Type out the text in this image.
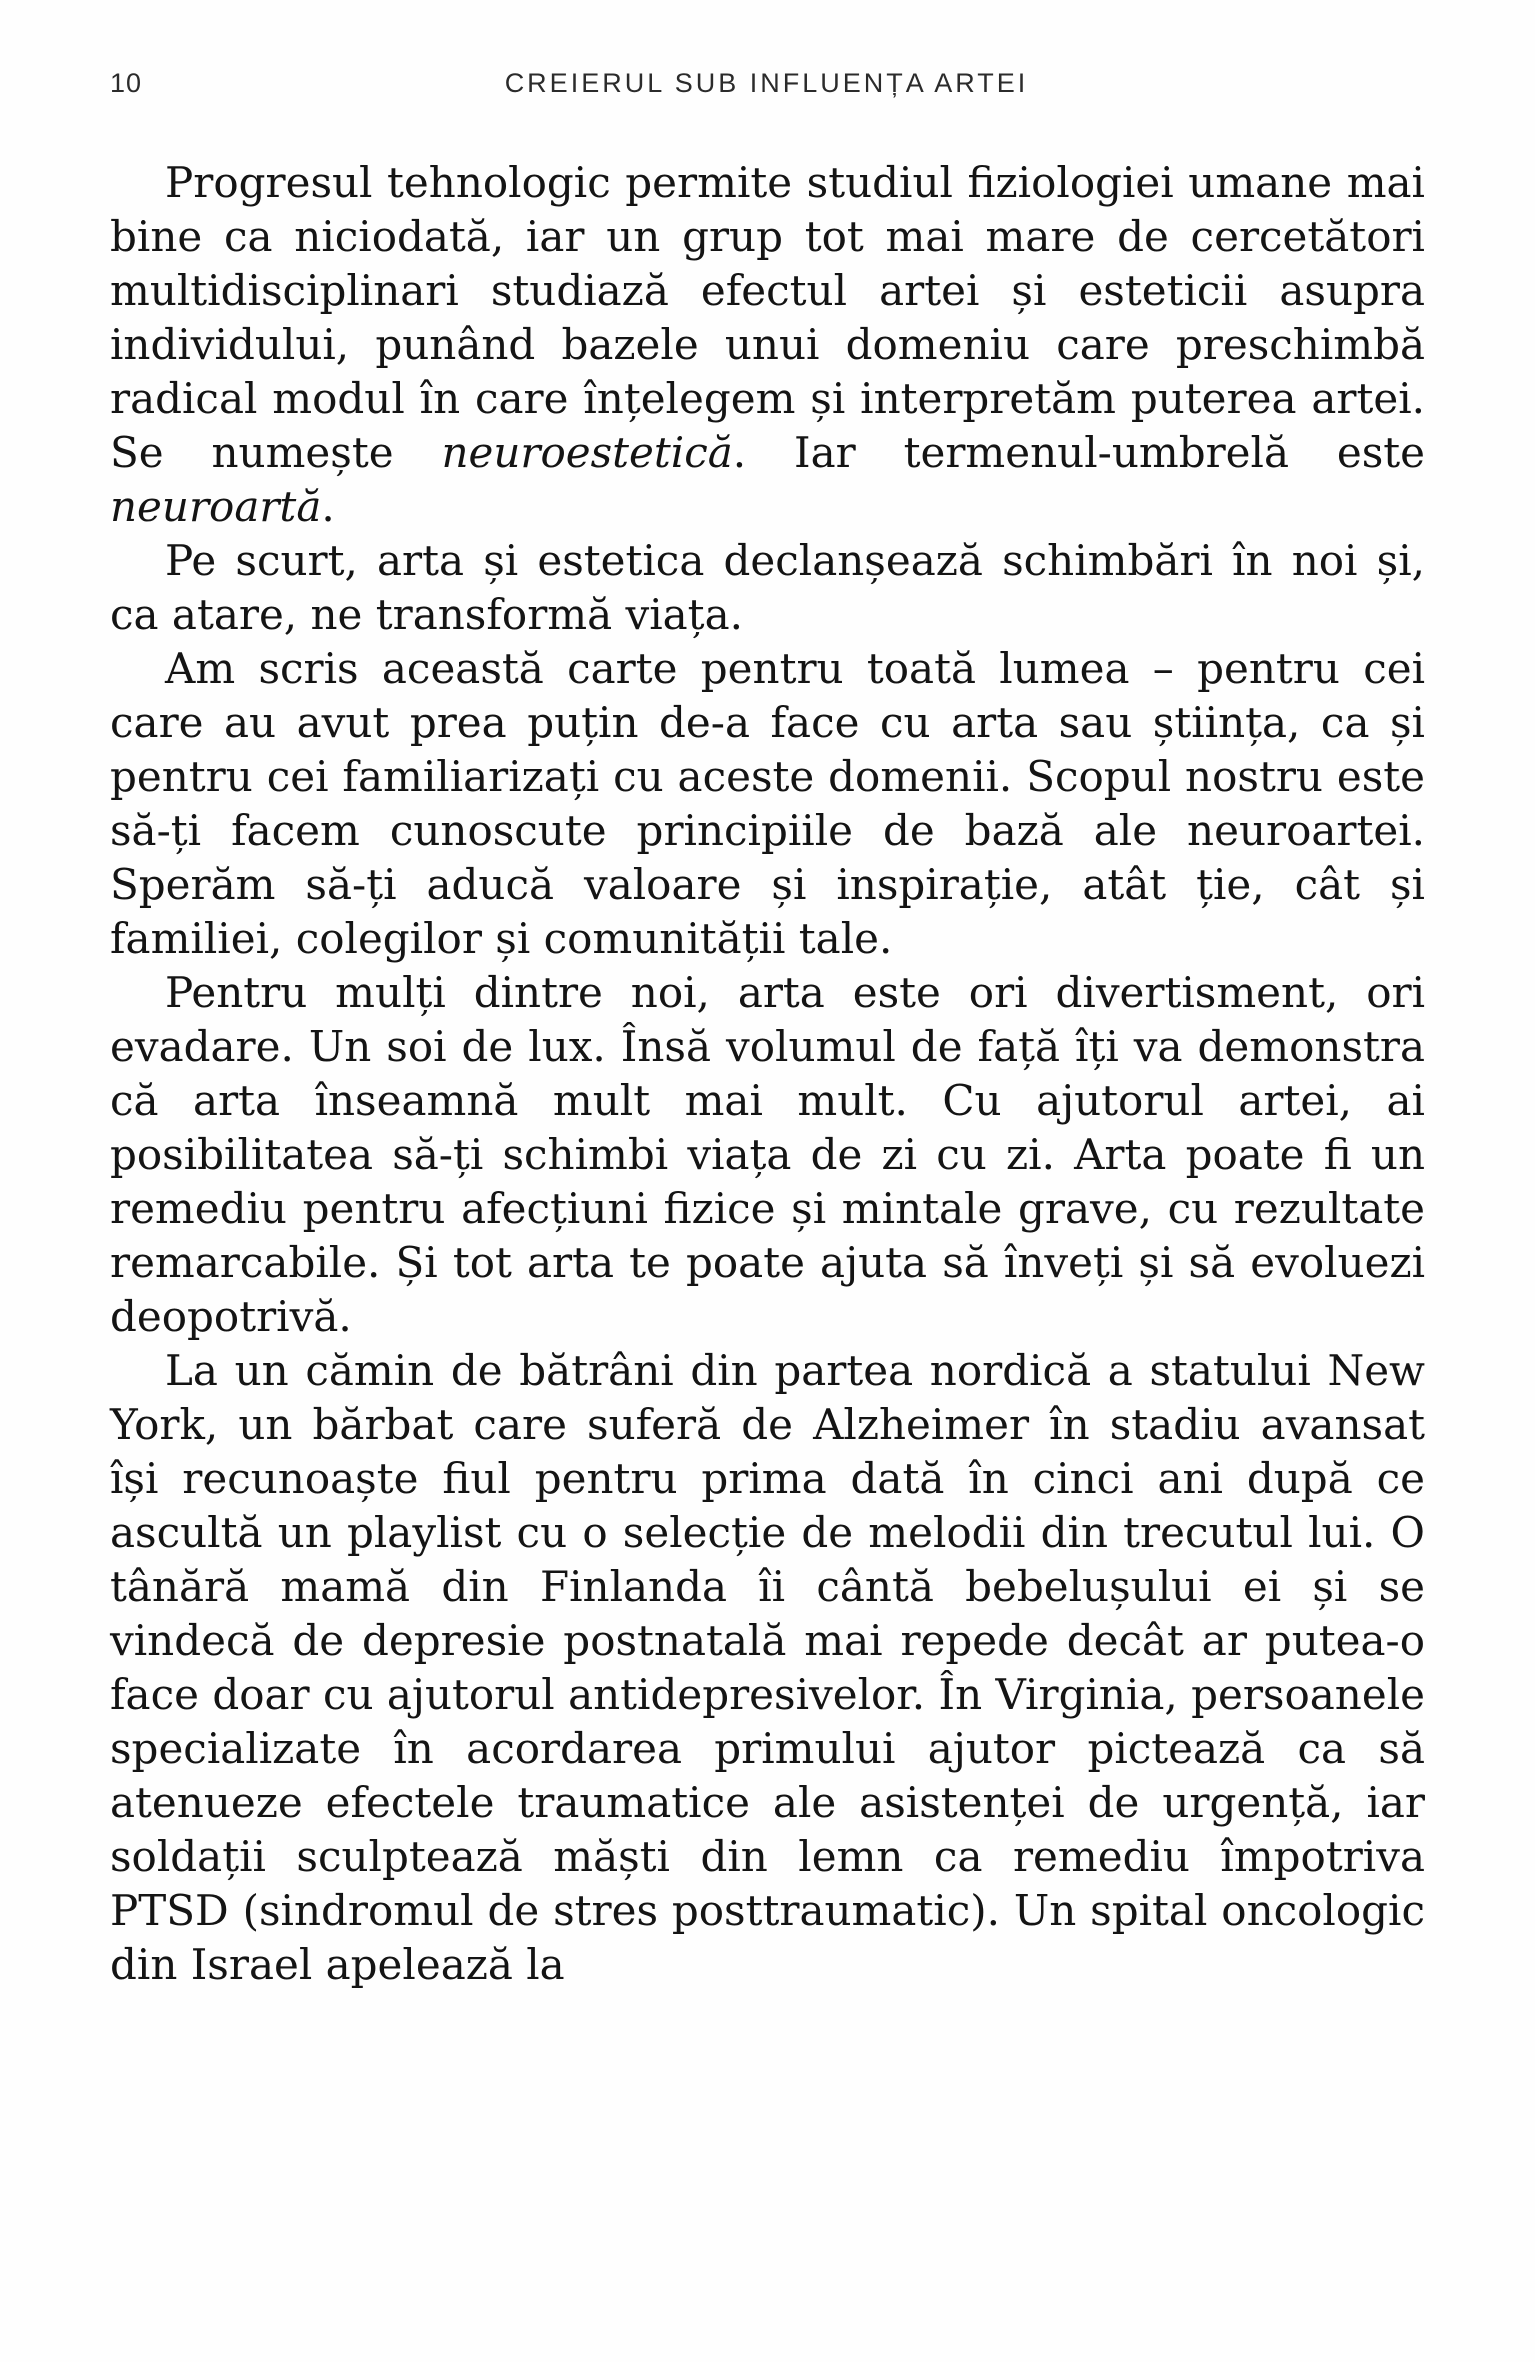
10	CREIERUL SUB INFLUENȚA ARTEI

Progresul tehnologic permite studiul fiziologiei umane mai bine ca niciodată, iar un grup tot mai mare de cercetători multidisciplinari studiază efectul artei și esteticii asupra individului, punând bazele unui domeniu care preschimbă radical modul în care înțelegem și interpretăm puterea artei. Se numește neuroestetică. Iar termenul-umbrelă este neuroartă.

Pe scurt, arta și estetica declanșează schimbări în noi și, ca atare, ne transformă viața.

Am scris această carte pentru toată lumea – pentru cei care au avut prea puțin de-a face cu arta sau știința, ca și pentru cei familiarizați cu aceste domenii. Scopul nostru este să-ți facem cunoscute principiile de bază ale neuroartei. Sperăm să-ți aducă valoare și inspirație, atât ție, cât și familiei, colegilor și comunității tale.

Pentru mulți dintre noi, arta este ori divertisment, ori evadare. Un soi de lux. Însă volumul de față îți va demonstra că arta înseamnă mult mai mult. Cu ajutorul artei, ai posibilitatea să-ți schimbi viața de zi cu zi. Arta poate fi un remediu pentru afecțiuni fizice și mintale grave, cu rezultate remarcabile. Și tot arta te poate ajuta să înveți și să evoluezi deopotrivă.

La un cămin de bătrâni din partea nordică a statului New York, un bărbat care suferă de Alzheimer în stadiu avansat își recunoaște fiul pentru prima dată în cinci ani după ce ascultă un playlist cu o selecție de melodii din trecutul lui. O tânără mamă din Finlanda îi cântă bebelușului ei și se vindecă de depresie postnatală mai repede decât ar putea-o face doar cu ajutorul antidepresivelor. În Virginia, persoanele specializate în acordarea primului ajutor pictează ca să atenueze efectele traumatice ale asistenței de urgență, iar soldații sculptează măști din lemn ca remediu împotriva PTSD (sindromul de stres posttraumatic). Un spital oncologic din Israel apelează la
